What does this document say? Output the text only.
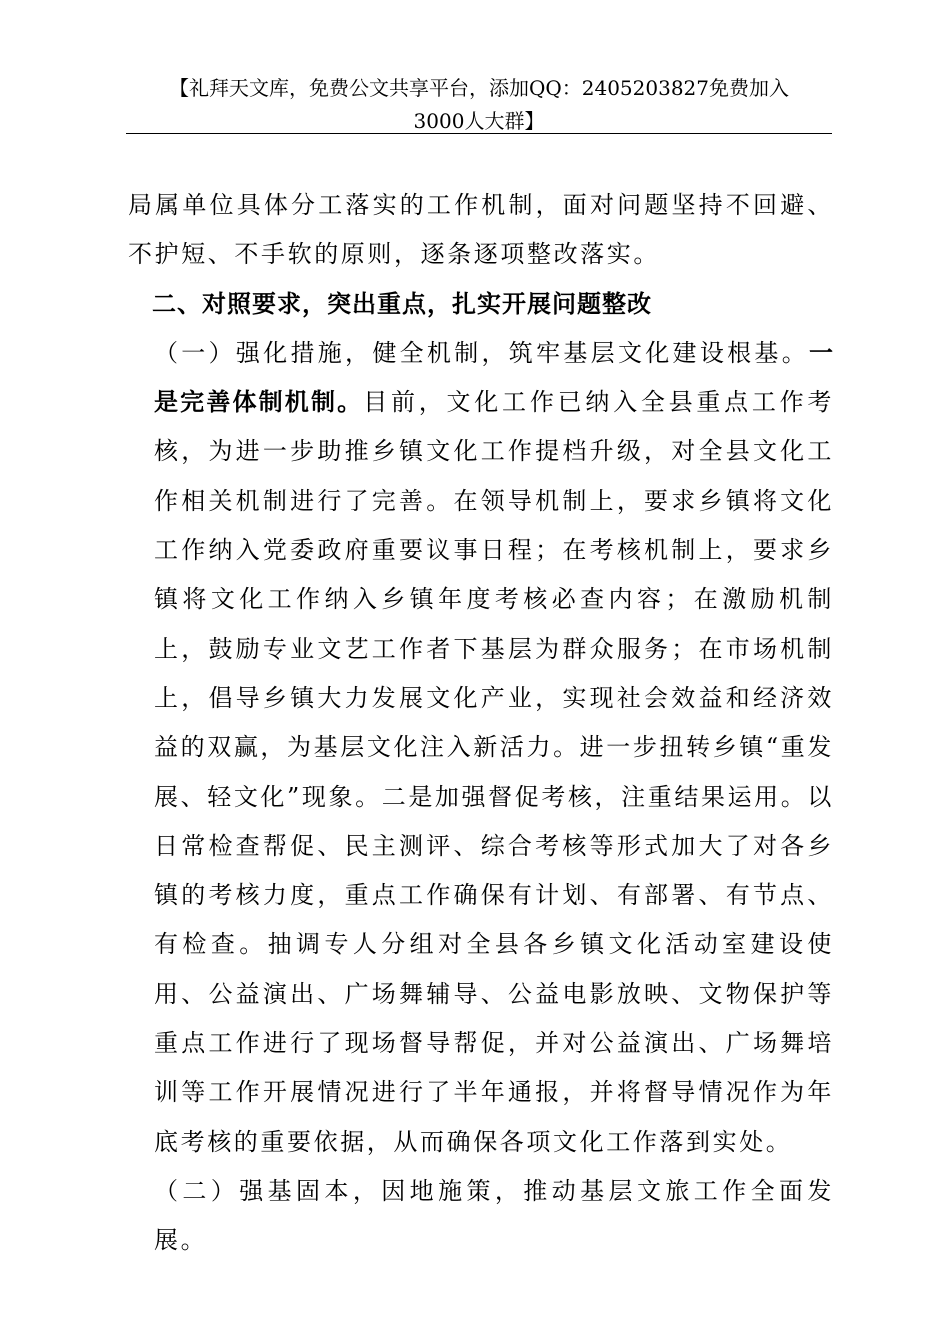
【礼拜天文库，免费公文共享平台，添加QQ：2405203827免费加入
3000人大群】

局属单位具体分工落实的工作机制，面对问题坚持不回避、不护短、不手软的原则，逐条逐项整改落实。

二、对照要求，突出重点，扎实开展问题整改

（一）强化措施，健全机制，筑牢基层文化建设根基。一是完善体制机制。目前，文化工作已纳入全县重点工作考核，为进一步助推乡镇文化工作提档升级，对全县文化工作相关机制进行了完善。在领导机制上，要求乡镇将文化工作纳入党委政府重要议事日程；在考核机制上，要求乡镇将文化工作纳入乡镇年度考核必查内容；在激励机制上，鼓励专业文艺工作者下基层为群众服务；在市场机制上，倡导乡镇大力发展文化产业，实现社会效益和经济效益的双赢，为基层文化注入新活力。进一步扭转乡镇“重发展、轻文化”现象。二是加强督促考核，注重结果运用。以日常检查帮促、民主测评、综合考核等形式加大了对各乡镇的考核力度，重点工作确保有计划、有部署、有节点、有检查。抽调专人分组对全县各乡镇文化活动室建设使用、公益演出、广场舞辅导、公益电影放映、文物保护等重点工作进行了现场督导帮促，并对公益演出、广场舞培训等工作开展情况进行了半年通报，并将督导情况作为年底考核的重要依据，从而确保各项文化工作落到实处。

（二）强基固本，因地施策，推动基层文旅工作全面发展。
